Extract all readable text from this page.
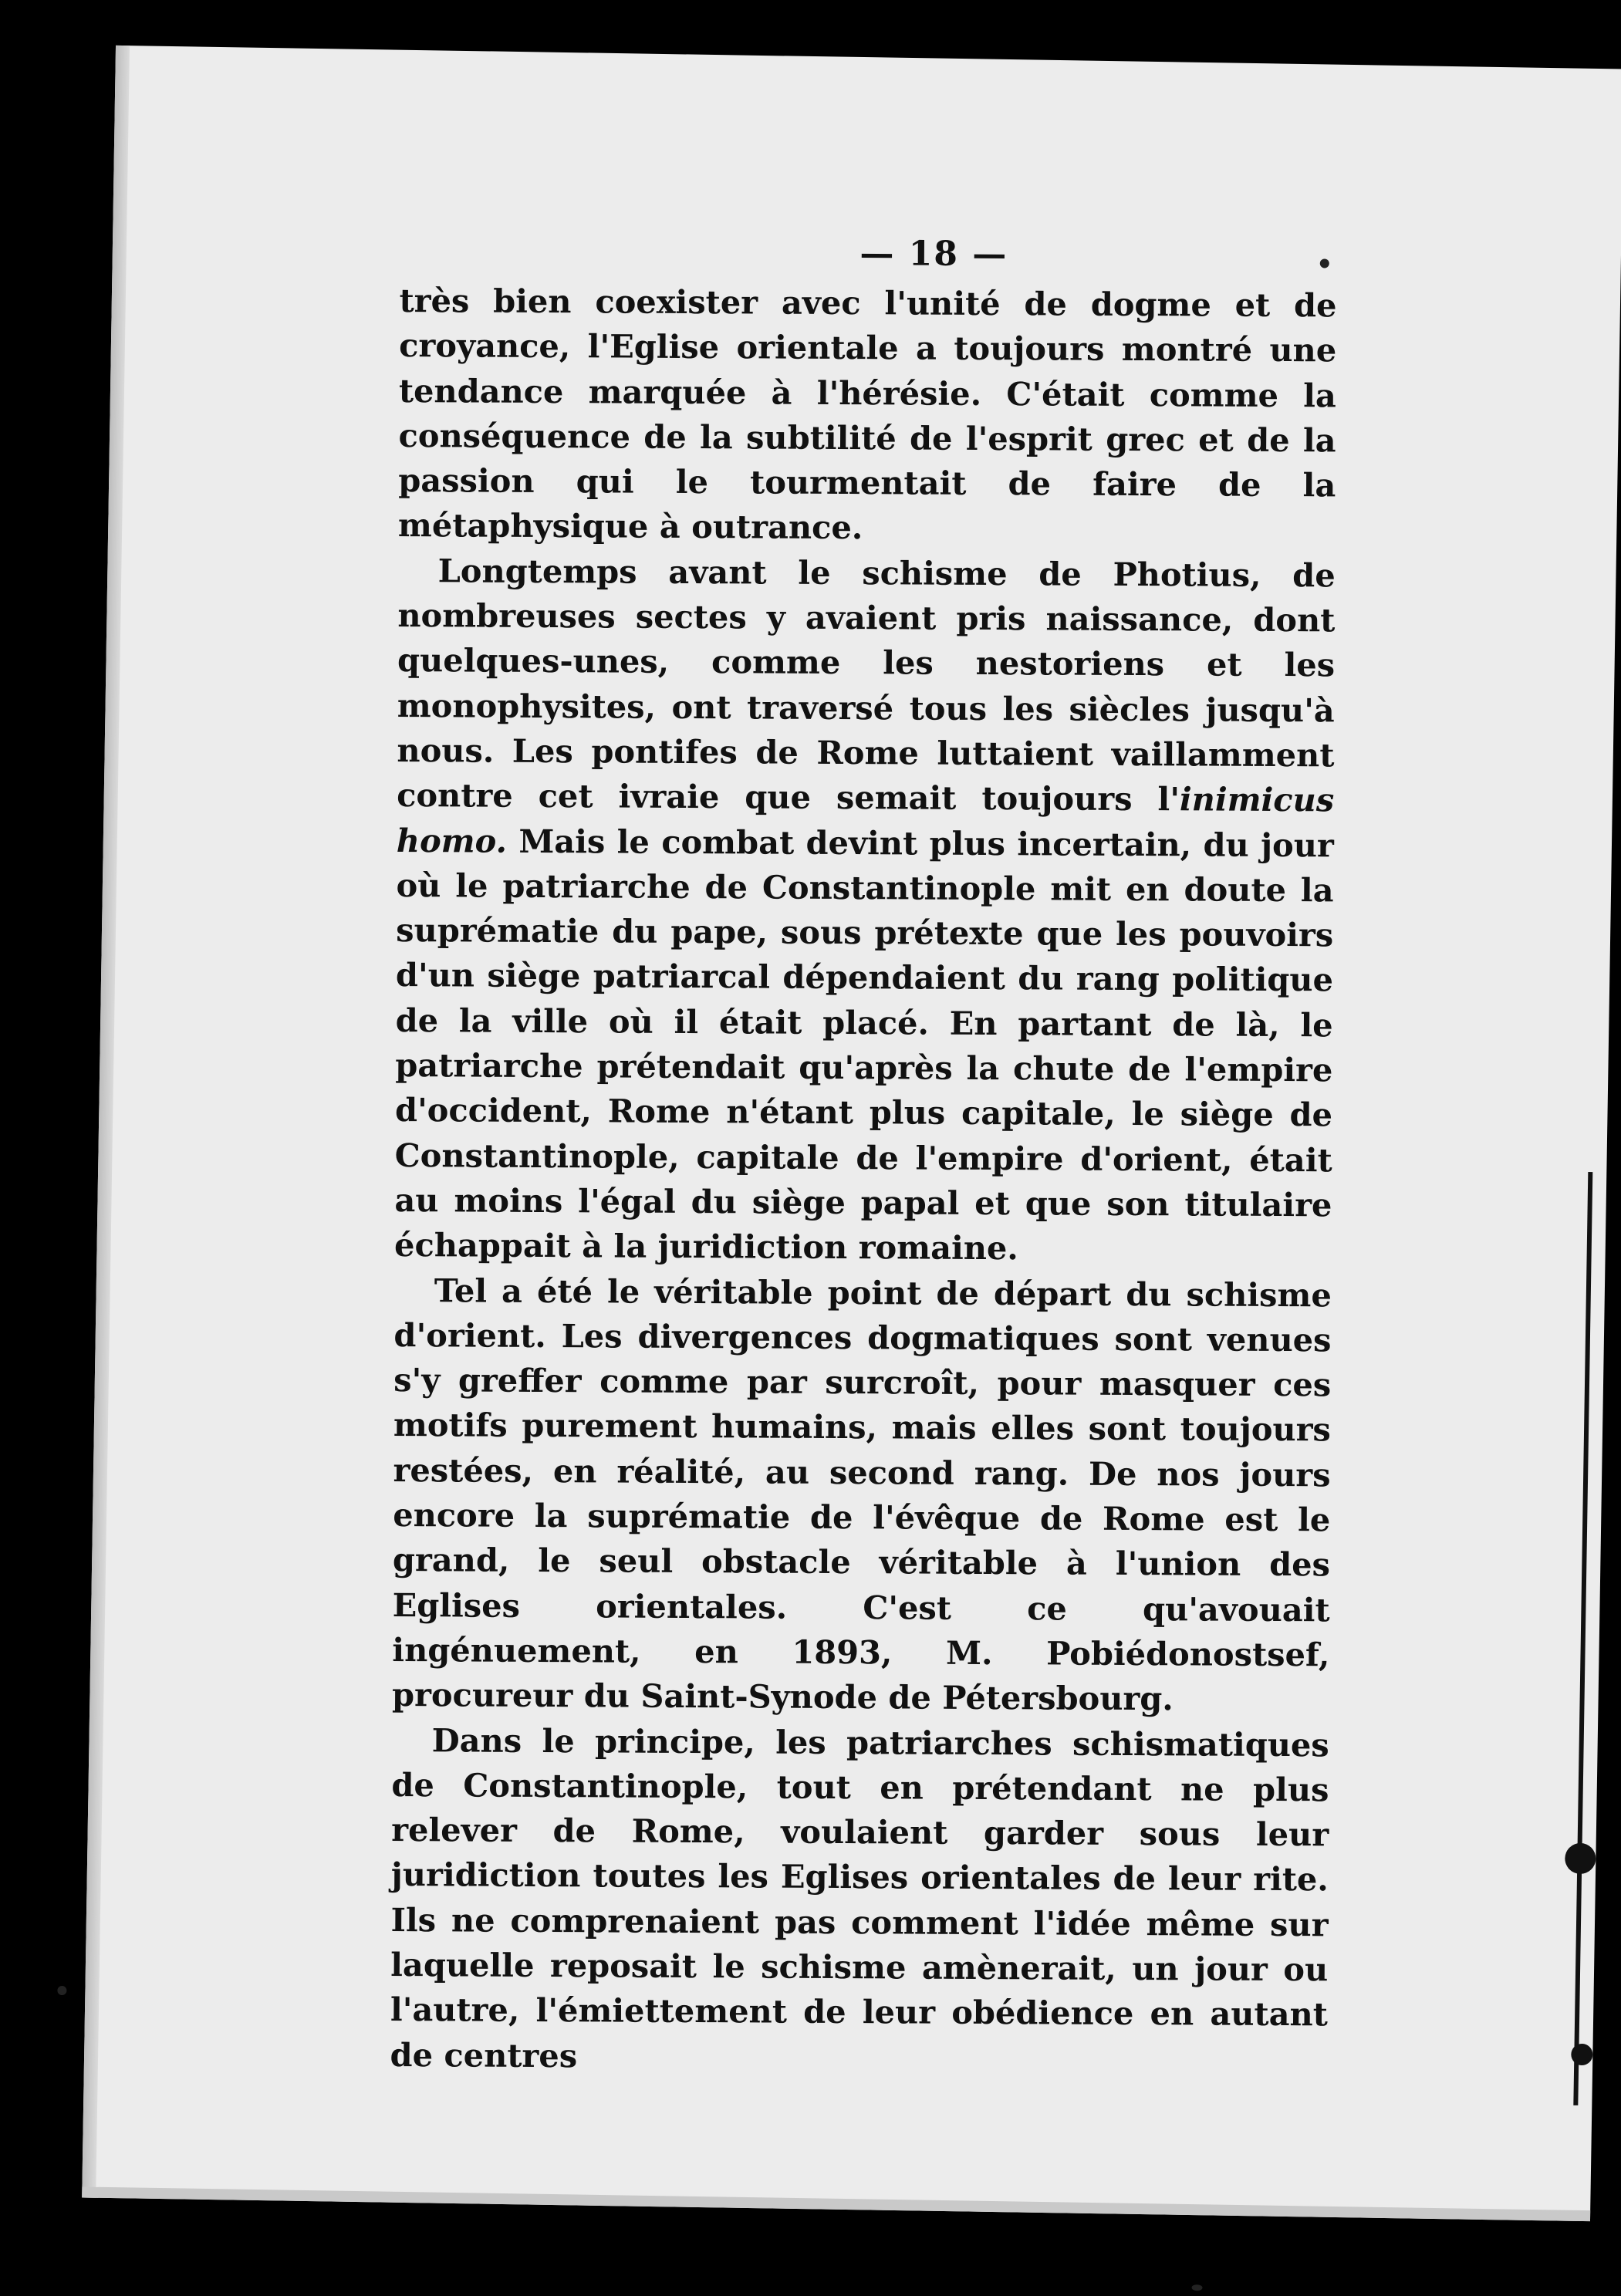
— 18 —

très bien coexister avec l'unité de dogme et de croyance, l'Eglise orientale a toujours montré une tendance marquée à l'hérésie. C'était comme la conséquence de la subtilité de l'esprit grec et de la passion qui le tourmentait de faire de la métaphysique à outrance.

Longtemps avant le schisme de Photius, de nombreuses sectes y avaient pris naissance, dont quelques-unes, comme les nestoriens et les monophysites, ont traversé tous les siècles jusqu'à nous. Les pontifes de Rome luttaient vaillamment contre cet ivraie que semait toujours l'inimicus homo. Mais le combat devint plus incertain, du jour où le patriarche de Constantinople mit en doute la suprématie du pape, sous prétexte que les pouvoirs d'un siège patriarcal dépendaient du rang politique de la ville où il était placé. En partant de là, le patriarche prétendait qu'après la chute de l'empire d'occident, Rome n'étant plus capitale, le siège de Constantinople, capitale de l'empire d'orient, était au moins l'égal du siège papal et que son titulaire échappait à la juridiction romaine.

Tel a été le véritable point de départ du schisme d'orient. Les divergences dogmatiques sont venues s'y greffer comme par surcroît, pour masquer ces motifs purement humains, mais elles sont toujours restées, en réalité, au second rang. De nos jours encore la suprématie de l'évêque de Rome est le grand, le seul obstacle véritable à l'union des Eglises orientales. C'est ce qu'avouait ingénuement, en 1893, M. Pobiédonostsef, procureur du Saint-Synode de Pétersbourg.

Dans le principe, les patriarches schismatiques de Constantinople, tout en prétendant ne plus relever de Rome, voulaient garder sous leur juridiction toutes les Eglises orientales de leur rite. Ils ne comprenaient pas comment l'idée même sur laquelle reposait le schisme amènerait, un jour ou l'autre, l'émiettement de leur obédience en autant de centres
